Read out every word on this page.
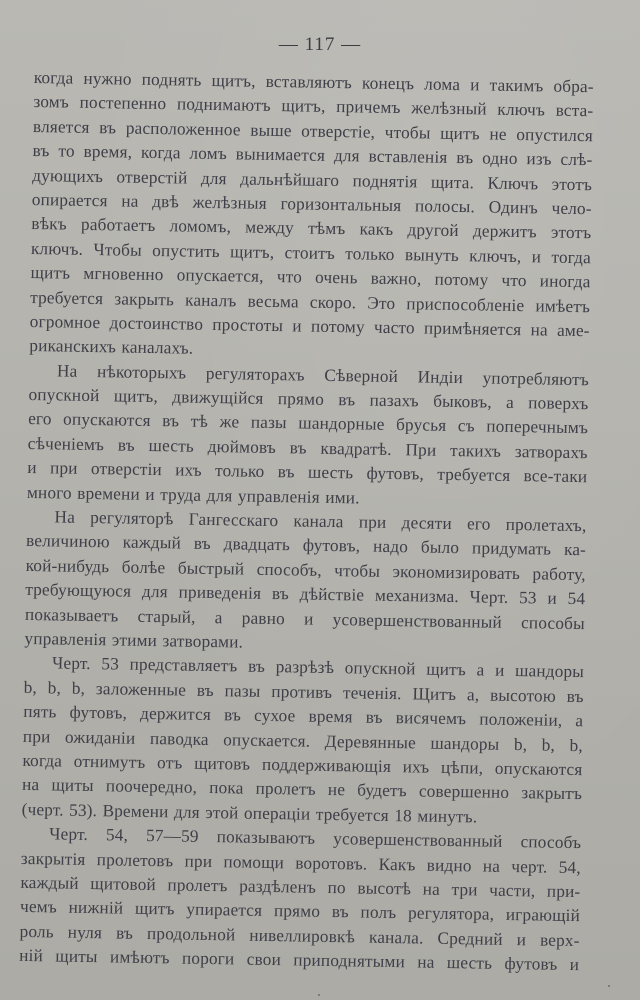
— 117 —
когда нужно поднять щитъ, вставляютъ конецъ лома и такимъ обра-
зомъ постепенно поднимаютъ щитъ, причемъ желѣзный ключъ вста-
вляется въ расположенное выше отверстiе, чтобы щитъ не опустился
въ то время, когда ломъ вынимается для вставленiя въ одно изъ слѣ-
дующихъ отверстiй для дальнѣйшаго поднятiя щита. Ключъ этотъ
опирается на двѣ желѣзныя горизонтальныя полосы. Одинъ чело-
вѣкъ работаетъ ломомъ, между тѣмъ какъ другой держитъ этотъ
ключъ. Чтобы опустить щитъ, стоитъ только вынуть ключъ, и тогда
щитъ мгновенно опускается, что очень важно, потому что иногда
требуется закрыть каналъ весьма скоро. Это приспособленiе имѣетъ
огромное достоинство простоты и потому часто примѣняется на аме-
риканскихъ каналахъ.
На нѣкоторыхъ регуляторахъ Сѣверной Индiи употребляютъ
опускной щитъ, движущiйся прямо въ пазахъ быковъ, а поверхъ
его опускаются въ тѣ же пазы шандорные брусья съ поперечнымъ
сѣченiемъ въ шесть дюймовъ въ квадратѣ. При такихъ затворахъ
и при отверстiи ихъ только въ шесть футовъ, требуется все-таки
много времени и труда для управленiя ими.
На регуляторѣ Гангесскаго канала при десяти его пролетахъ,
величиною каждый въ двадцать футовъ, надо было придумать ка-
кой-нибудь болѣе быстрый способъ, чтобы экономизировать работу,
требующуюся для приведенiя въ дѣйствiе механизма. Черт. 53 и 54
показываетъ старый, а равно и усовершенствованный способы
управленiя этими затворами.
Черт. 53 представляетъ въ разрѣзѣ опускной щитъ a и шандоры
b, b, b, заложенные въ пазы противъ теченiя. Щитъ a, высотою въ
пять футовъ, держится въ сухое время въ висячемъ положенiи, а
при ожиданiи паводка опускается. Деревянные шандоры b, b, b,
когда отнимутъ отъ щитовъ поддерживающiя ихъ цѣпи, опускаются
на щиты поочередно, пока пролетъ не будетъ совершенно закрытъ
(черт. 53). Времени для этой операцiи требуется 18 минутъ.
Черт. 54, 57—59 показываютъ усовершенствованный способъ
закрытiя пролетовъ при помощи воротовъ. Какъ видно на черт. 54,
каждый щитовой пролетъ раздѣленъ по высотѣ на три части, при-
чемъ нижнiй щитъ упирается прямо въ полъ регулятора, играющiй
роль нуля въ продольной нивеллировкѣ канала. Средний и верх-
нiй щиты имѣютъ пороги свои приподнятыми на шесть футовъ и
